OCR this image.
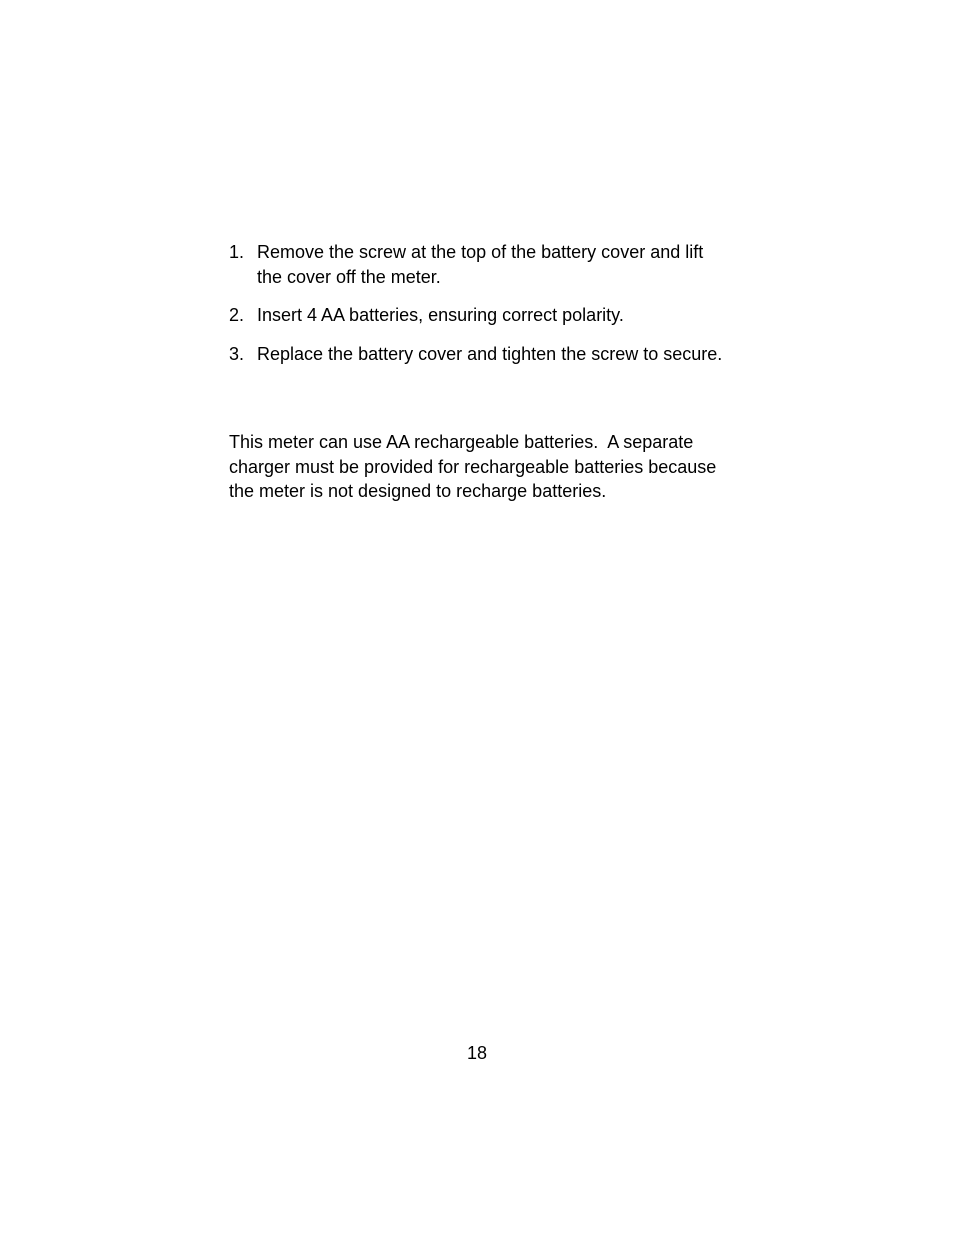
1. Remove the screw at the top of the battery cover and lift the cover off the meter.
2. Insert 4 AA batteries, ensuring correct polarity.
3. Replace the battery cover and tighten the screw to secure.

This meter can use AA rechargeable batteries.  A separate charger must be provided for rechargeable batteries because the meter is not designed to recharge batteries.

18
